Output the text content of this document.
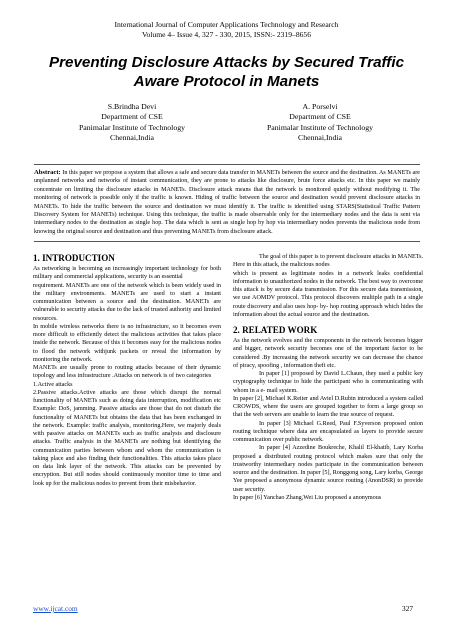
International Journal of Computer Applications Technology and Research
Volume 4– Issue 4, 327 - 330, 2015, ISSN:- 2319–8656
Preventing Disclosure Attacks by Secured Traffic Aware Protocol in Manets
S.Brindha Devi
Department of CSE
Panimalar Institute of Technology
Chennai,India
A. Porselvi
Department of CSE
Panimalar Institute of Technology
Chennai,India
Abstract: In this paper we propose a system that allows a safe and secure data transfer in MANETs between the source and the destination. As MANETs are unplanned networks and networks of instant communication, they are prone to attacks like disclosure, brute force attacks etc. In this paper we mainly concentrate on limiting the disclosure attacks in MANETs. Disclosure attack means that the network is monitored quietly without modifying it. The monitoring of network is possible only if the traffic is known. Hiding of traffic between the source and destination would prevent disclosure attacks in MANETs. To hide the traffic between the source and destination we must identify it. The traffic is identified using STARS(Statistical Traffic Pattern Discovery System for MANETs) technique. Using this technique, the traffic is made observable only for the intermediary nodes and the data is sent via intermediary nodes to the destination as single hop. The data which is sent as single hop by hop via intermediary nodes prevents the malicious node from knowing the original source and destination and thus preventing MANETs from disclosure attack.
1. INTRODUCTION

As networking is becoming an increasingly important technology for both military and commercial applications, security is an essential

requirement. MANETs are one of the network which is been widely used in the military environments. MANETs are used to start a instant communication between a source and the destination. MANETs are vulnerable to security attacks due to the lack of trusted authority and limited resources.

In mobile wireless networks there is no infrastructure, so it becomes even more difficult to efficiently detect the malicious activities that takes place inside the network. Because of this it becomes easy for the malicious nodes to flood the network withjunk packets or reveal the information by monitoring the network.

MANETs are usually prone to routing attacks because of their dynamic topology and less infrastructure .Attacks on network is of two categories

1.Active attacks

2.Passive attacks.Active attacks are those which disrupt the normal functionality of MANETs such as doing data interruption, modification etc Example: DoS, jamming. Passive attacks are those that do not disturb the functionality of MANETs but obtains the data that has been exchanged in the network. Example: traffic analysis, monitoring.Here, we majorly deals with passive attacks on MANETs such as traffic analysis and disclosure attacks. Traffic analysis in the MANETs are nothing but identifying the communication parties between whom and whom the communication is taking place and also finding their functionalities. This attacks takes place on data link layer of the network. This attacks can be prevented by encryption. But still nodes should continuously monitor time to time and look up for the malicious nodes to prevent from their misbehavior.

The goal of this paper is to prevent disclosure attacks in MANETs. Here in this attack, the malicious nodes

which is present as legitimate nodes in a network leaks confidential information to unauthorized nodes in the network. The best way to overcome this attack is by secure data transmission. For this secure data transmission, we use AOMDV protocol. This protocol discovers multiple path in a single route discovery and also uses hop- by- hop routing approach which hides the information about the actual source and the destination.

2. RELATED WORK

As the network evolves and the components in the network becomes bigger and bigger, network security becomes one of the important factor to be considered .By increasing the network security we can decrease the chance of piracy, spoofing , information theft etc.

In paper [1] proposed by David L.Chaun, they used a public key cryptography technique to hide the participant who is communicating with whom in a e- mail system.

In paper [2], Michael K.Reiter and Aviel D.Rubin introduced a system called CROWDS, where the users are grouped together to form a large group so that the web servers are unable to learn the true source of request.

In paper [3] Michael G.Reed, Paul F.Syverson proposed onion routing technique where data are encapsulated as layers to provide secure communication over public network.

In paper [4] Azzedine Boukreche, Khalil El-khatib, Lary Korba proposed a distributed routing protocol which makes sure that only the trustworthy intermediary nodes participate in the communication between source and the destination. In paper [5], Ronggong song, Lary korba, George Yee proposed a anonymous dynamic source routing (AnonDSR) to provide user security.

In paper [6] Yanchao Zhang,Wei Liu proposed a anonymous

www.ijcat.com	327
